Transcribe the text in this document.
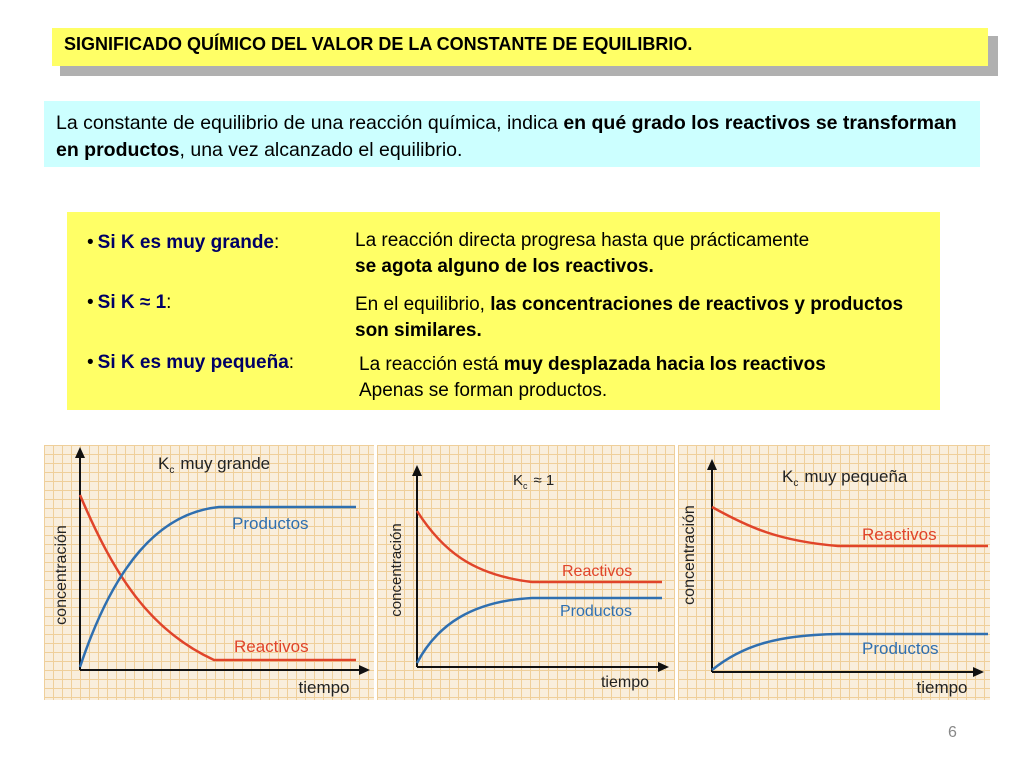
SIGNIFICADO QUÍMICO DEL VALOR DE LA CONSTANTE DE EQUILIBRIO.
La constante de equilibrio de una reacción química, indica en qué grado los reactivos se transforman en productos, una vez alcanzado el equilibrio.
• Si K es muy grande:	La reacción directa progresa hasta que prácticamente
se agota alguno de los reactivos.
• Si K ≈ 1:	En el equilibrio, las concentraciones de reactivos y productos son similares.
• Si K es muy pequeña:	La reacción está muy desplazada hacia los reactivos
Apenas se forman productos.
concentración
tiempo
$K_c$ muy grande
Productos
Reactivos
concentración
tiempo
$K_c \approx 1$
Reactivos
Productos
concentración
tiempo
$K_c$ muy pequeña
Reactivos
Productos
6
